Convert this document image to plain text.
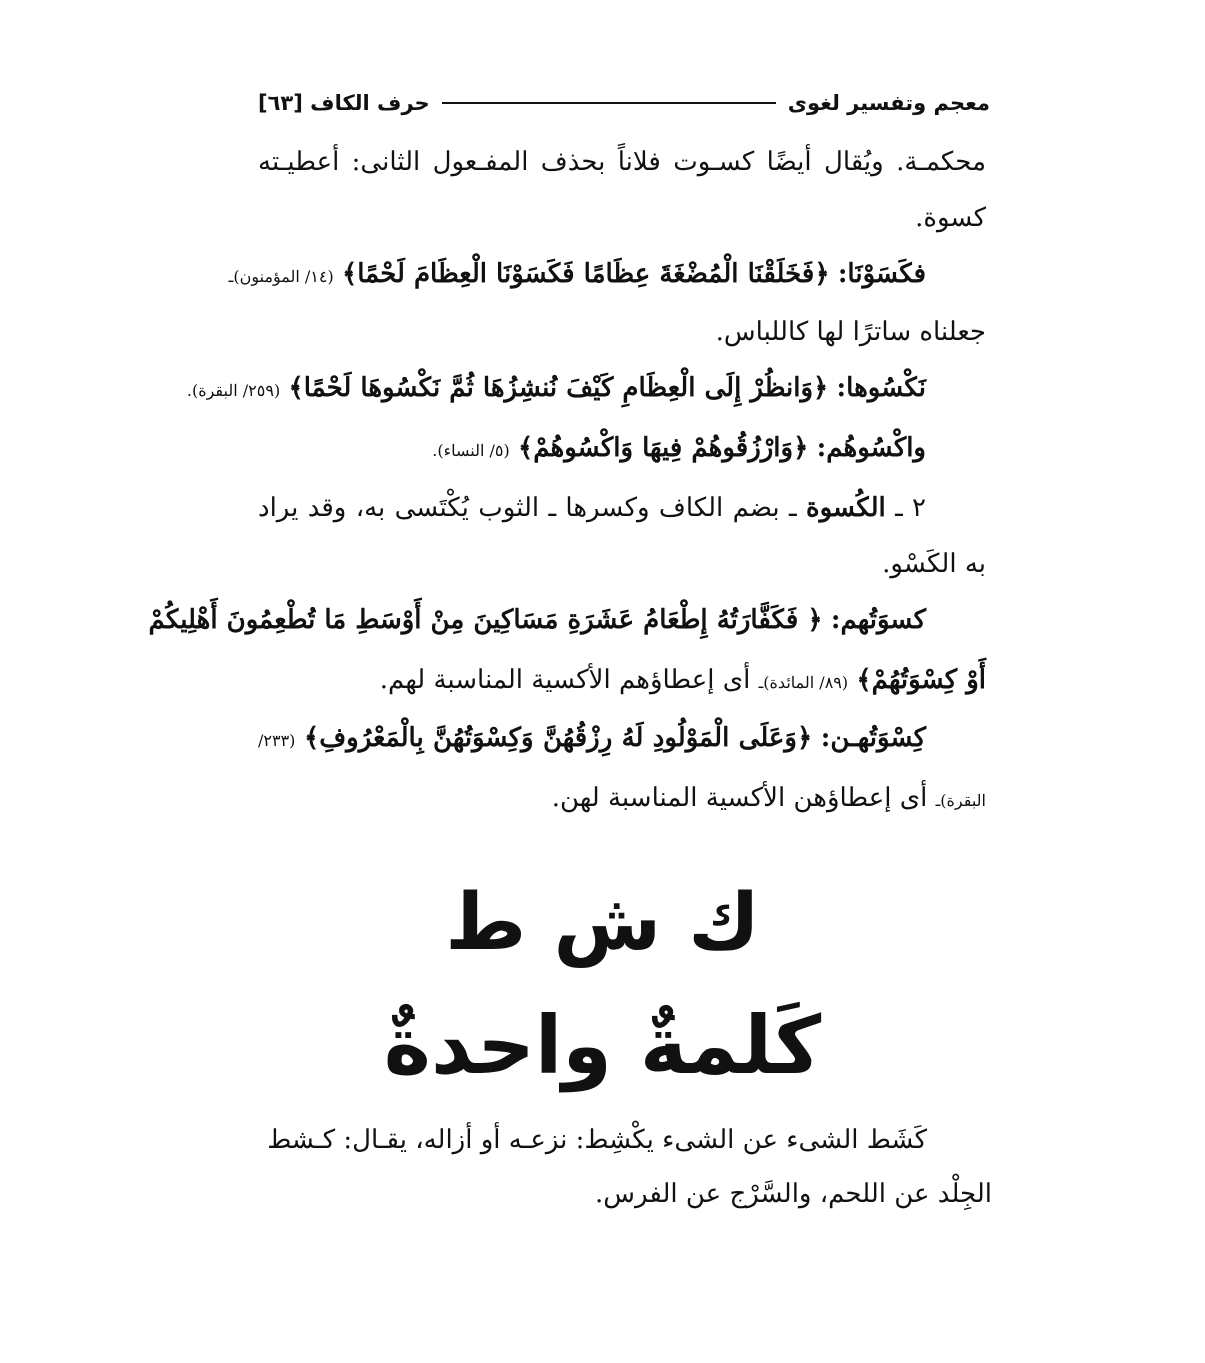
معجم وتفسير لغوى
حرف الكاف [٦٣]
محكمـة. ويُقال أيضًا كسـوت فلاناً بحذف المفـعول الثانى: أعطيـته
كسوة.
فكَسَوْنَا: ﴿فَخَلَقْنَا الْمُضْغَةَ عِظَامًا فَكَسَوْنَا الْعِظَامَ لَحْمًا﴾ (١٤/ المؤمنون)ـ
جعلناه ساترًا لها كاللباس.
نَكْسُوها: ﴿وَانظُرْ إِلَى الْعِظَامِ كَيْفَ نُنشِزُهَا ثُمَّ نَكْسُوهَا لَحْمًا﴾ (٢٥٩/ البقرة).
واكْسُوهُم: ﴿وَارْزُقُوهُمْ فِيهَا وَاكْسُوهُمْ﴾ (٥/ النساء).
٢ ـ الكُسوة ـ بضم الكاف وكسرها ـ الثوب يُكْتَسى به، وقد يراد
به الكَسْو.
كسوَتُهم: ﴿ فَكَفَّارَتُهُ إِطْعَامُ عَشَرَةِ مَسَاكِينَ مِنْ أَوْسَطِ مَا تُطْعِمُونَ أَهْلِيكُمْ
أَوْ كِسْوَتُهُمْ﴾ (٨٩/ المائدة)ـ أى إعطاؤهم الأكسية المناسبة لهم.
كِسْوَتُهـن: ﴿وَعَلَى الْمَوْلُودِ لَهُ رِزْقُهُنَّ وَكِسْوَتُهُنَّ بِالْمَعْرُوفِ﴾ (٢٣٣/
البقرة)ـ أى إعطاؤهن الأكسية المناسبة لهن.
ك ش ط
كَلمةٌ واحدةٌ
كَشَط الشىء عن الشىء يكْشِط: نزعـه أو أزاله، يقـال: كـشط
الجِلْد عن اللحم، والسَّرْج عن الفرس.
